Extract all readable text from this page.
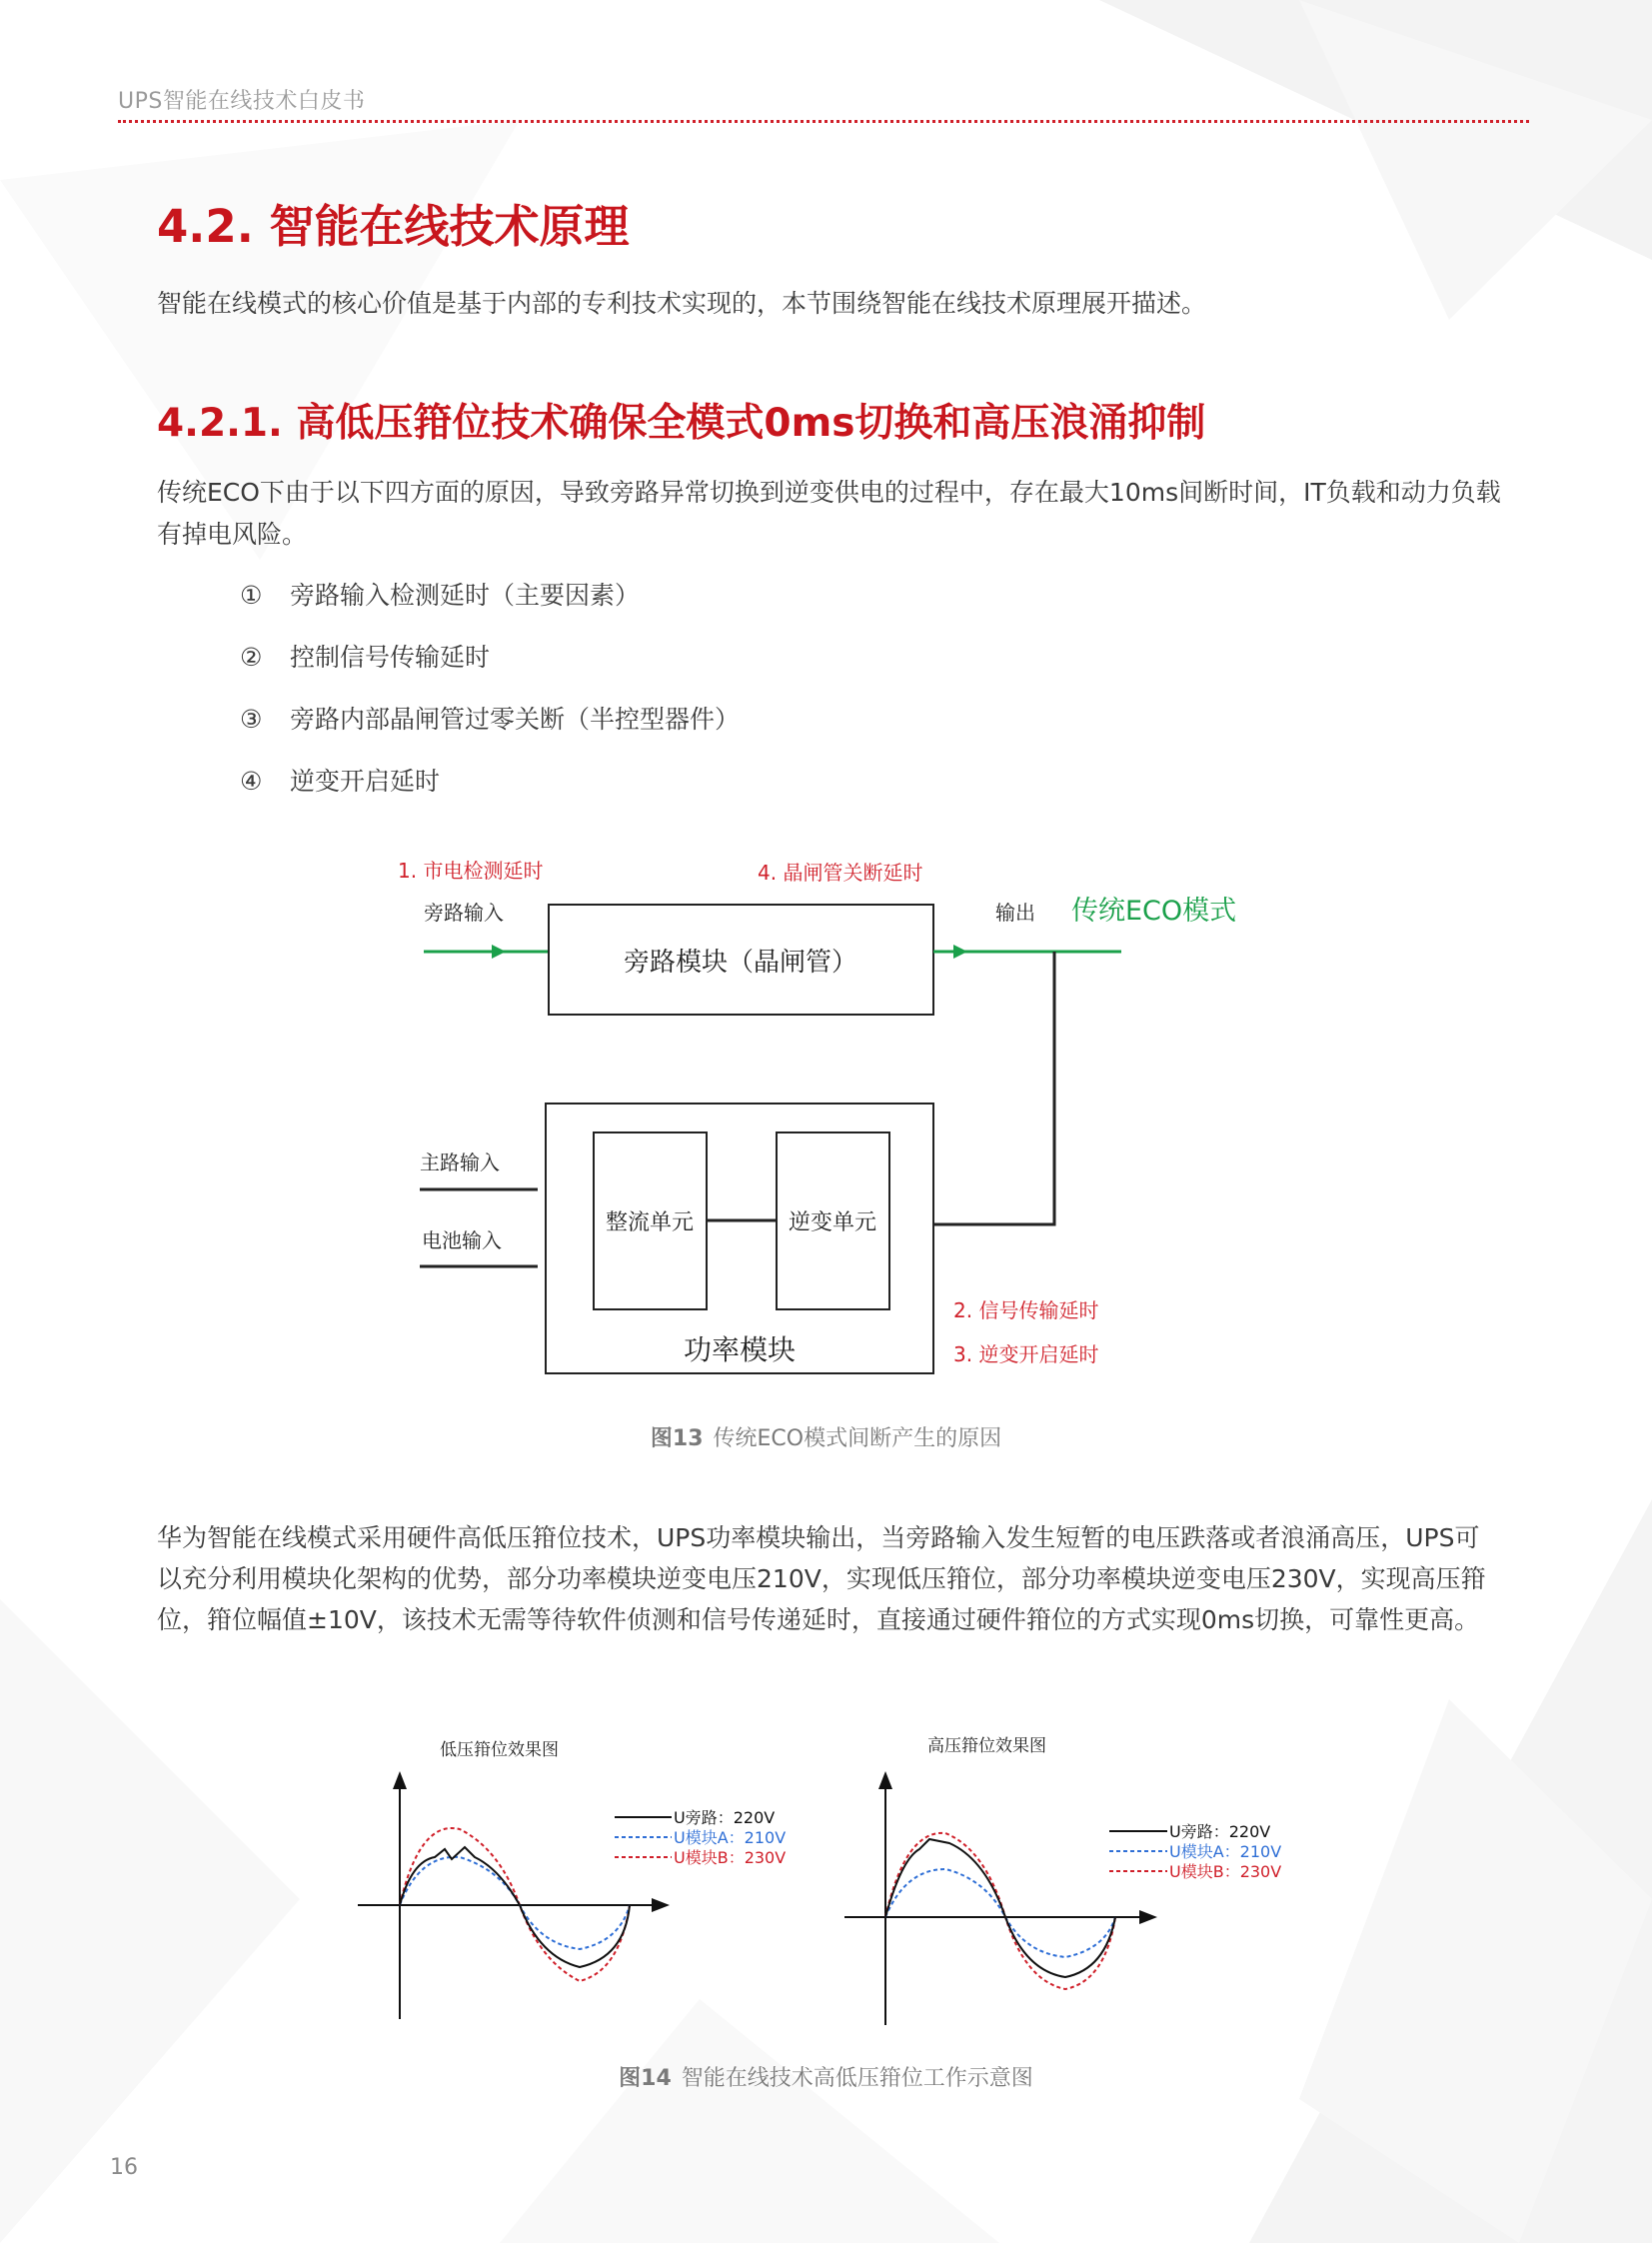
UPS智能在线技术白皮书
4.2. 智能在线技术原理

智能在线模式的核心价值是基于内部的专利技术实现的，本节围绕智能在线技术原理展开描述。

4.2.1. 高低压箝位技术确保全模式0ms切换和高压浪涌抑制

传统ECO下由于以下四方面的原因，导致旁路异常切换到逆变供电的过程中，存在最大10ms间断时间，IT负载和动力负载有掉电风险。

①	旁路输入检测延时（主要因素）
②	控制信号传输延时
③	旁路内部晶闸管过零关断（半控型器件）
④	逆变开启延时
1. 市电检测延时	4. 晶闸管关断延时
旁路输入
旁路模块（晶闸管）
输出 传统ECO模式
整流单元	逆变单元
功率模块
主路输入
电池输入
2. 信号传输延时
3. 逆变开启延时
图13 传统ECO模式间断产生的原因

华为智能在线模式采用硬件高低压箝位技术，UPS功率模块输出，当旁路输入发生短暂的电压跌落或者浪涌高压，UPS可以充分利用模块化架构的优势，部分功率模块逆变电压210V，实现低压箝位，部分功率模块逆变电压230V，实现高压箝位，箝位幅值±10V，该技术无需等待软件侦测和信号传递延时，直接通过硬件箝位的方式实现0ms切换，可靠性更高。

低压箝位效果图
U旁路：220V
U模块A：210V
U模块B：230V
高压箝位效果图
U旁路：220V
U模块A：210V
U模块B：230V
图14 智能在线技术高低压箝位工作示意图
16
